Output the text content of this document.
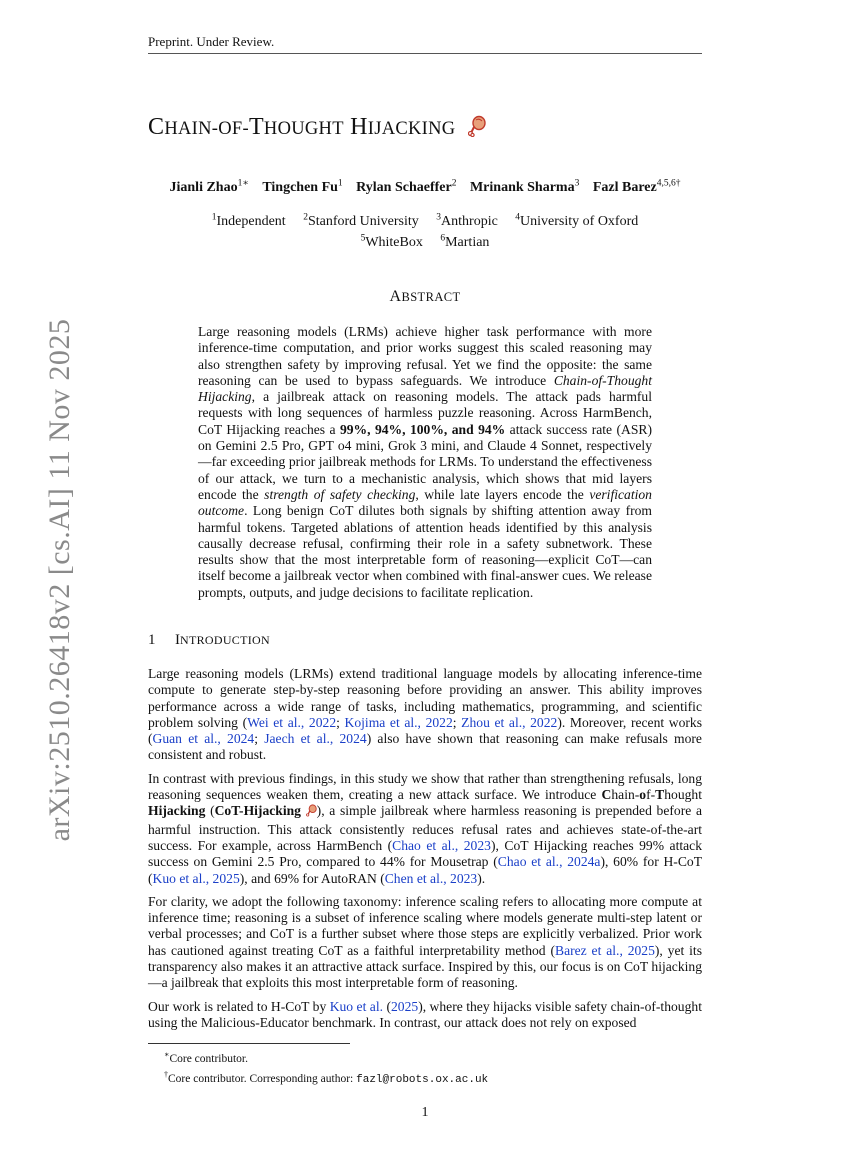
Preprint. Under Review.
arXiv:2510.26418v2 [cs.AI] 11 Nov 2025
CHAIN-OF-THOUGHT HIJACKING
Jianli Zhao$^{1∗}$ Tingchen Fu$^1$ Rylan Schaeffer$^2$ Mrinank Sharma$^3$ Fazl Barez$^{4,5,6\dagger}$
$^1$Independent $^2$Stanford University $^3$Anthropic $^4$University of Oxford
$^5$WhiteBox $^6$Martian
ABSTRACT

Large reasoning models (LRMs) achieve higher task performance with more inference-time computation, and prior works suggest this scaled reasoning may also strengthen safety by improving refusal. Yet we find the opposite: the same reasoning can be used to bypass safeguards. We introduce Chain-of-Thought Hijacking, a jailbreak attack on reasoning models. The attack pads harmful requests with long sequences of harmless puzzle reasoning. Across HarmBench, CoT Hijacking reaches a 99%, 94%, 100%, and 94% attack success rate (ASR) on Gemini 2.5 Pro, GPT o4 mini, Grok 3 mini, and Claude 4 Sonnet, respectively—far exceeding prior jailbreak methods for LRMs. To understand the effectiveness of our attack, we turn to a mechanistic analysis, which shows that mid layers encode the strength of safety checking, while late layers encode the verification outcome. Long benign CoT dilutes both signals by shifting attention away from harmful tokens. Targeted ablations of attention heads identified by this analysis causally decrease refusal, confirming their role in a safety subnetwork. These results show that the most interpretable form of reasoning—explicit CoT—can itself become a jailbreak vector when combined with final-answer cues. We release prompts, outputs, and judge decisions to facilitate replication.

1 INTRODUCTION

Large reasoning models (LRMs) extend traditional language models by allocating inference-time compute to generate step-by-step reasoning before providing an answer. This ability improves performance across a wide range of tasks, including mathematics, programming, and scientific problem solving (Wei et al., 2022; Kojima et al., 2022; Zhou et al., 2022). Moreover, recent works (Guan et al., 2024; Jaech et al., 2024) also have shown that reasoning can make refusals more consistent and robust.

In contrast with previous findings, in this study we show that rather than strengthening refusals, long reasoning sequences weaken them, creating a new attack surface. We introduce Chain-of-Thought Hijacking (CoT-Hijacking ), a simple jailbreak where harmless reasoning is prepended before a harmful instruction. This attack consistently reduces refusal rates and achieves state-of-the-art success. For example, across HarmBench (Chao et al., 2023), CoT Hijacking reaches 99% attack success on Gemini 2.5 Pro, compared to 44% for Mousetrap (Chao et al., 2024a), 60% for H-CoT (Kuo et al., 2025), and 69% for AutoRAN (Chen et al., 2023).

For clarity, we adopt the following taxonomy: inference scaling refers to allocating more compute at inference time; reasoning is a subset of inference scaling where models generate multi-step latent or verbal processes; and CoT is a further subset where those steps are explicitly verbalized. Prior work has cautioned against treating CoT as a faithful interpretability method (Barez et al., 2025), yet its transparency also makes it an attractive attack surface. Inspired by this, our focus is on CoT hijacking—a jailbreak that exploits this most interpretable form of reasoning.

Our work is related to H-CoT by Kuo et al. (2025), where they hijacks visible safety chain-of-thought using the Malicious-Educator benchmark. In contrast, our attack does not rely on exposed

∗Core contributor.
†Core contributor. Corresponding author: fazl@robots.ox.ac.uk
1
